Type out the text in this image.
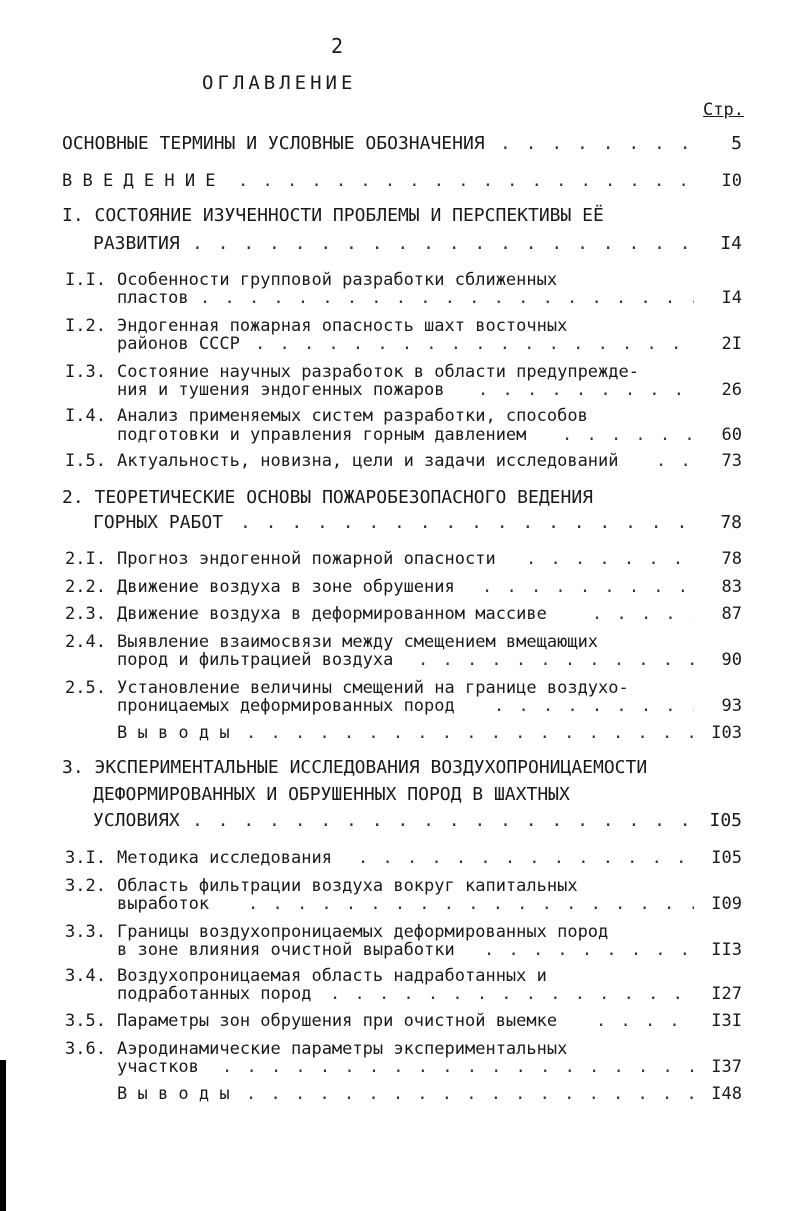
2
ОГЛАВЛЕНИЕ
Стр.
ОСНОВНЫЕ ТЕРМИНЫ И УСЛОВНЫЕ ОБОЗНАЧЕНИЯ . . .	5
В В Е Д Е Н И Е . . .	I0
I. СОСТОЯНИЕ ИЗУЧЕННОСТИ ПРОБЛЕМЫ И ПЕРСПЕКТИВЫ ЕЁ
РАЗВИТИЯ . . .	I4
I.I. Особенности групповой разработки сближенных
пластов . . .	I4
I.2. Эндогенная пожарная опасность шахт восточных
районов СССР . . .	2I
I.3. Состояние научных разработок в области предупрежде-
ния и тушения эндогенных пожаров . . .	26
I.4. Анализ применяемых систем разработки, способов
подготовки и управления горным давлением . . .	60
I.5. Актуальность, новизна, цели и задачи исследований . . .	73
2. ТЕОРЕТИЧЕСКИЕ ОСНОВЫ ПОЖАРОБЕЗОПАСНОГО ВЕДЕНИЯ
ГОРНЫХ РАБОТ . . .	78
2.I. Прогноз эндогенной пожарной опасности . . .	78
2.2. Движение воздуха в зоне обрушения . . .	83
2.3. Движение воздуха в деформированном массиве . . .	87
2.4. Выявление взаимосвязи между смещением вмещающих
пород и фильтрацией воздуха . . .	90
2.5. Установление величины смещений на границе воздухо-
проницаемых деформированных пород . . .	93
В ы в о д ы . . .	I03
3. ЭКСПЕРИМЕНТАЛЬНЫЕ ИССЛЕДОВАНИЯ ВОЗДУХОПРОНИЦАЕМОСТИ
ДЕФОРМИРОВАННЫХ И ОБРУШЕННЫХ ПОРОД В ШАХТНЫХ
УСЛОВИЯХ . . .	I05
3.I. Методика исследования . . .	I05
3.2. Область фильтрации воздуха вокруг капитальных
выработок . . .	I09
3.3. Границы воздухопроницаемых деформированных пород
в зоне влияния очистной выработки . . .	II3
3.4. Воздухопроницаемая область надработанных и
подработанных пород . . .	I27
3.5. Параметры зон обрушения при очистной выемке . . .	I3I
3.6. Аэродинамические параметры экспериментальных
участков . . .	I37
В ы в о д ы . . .	I48
